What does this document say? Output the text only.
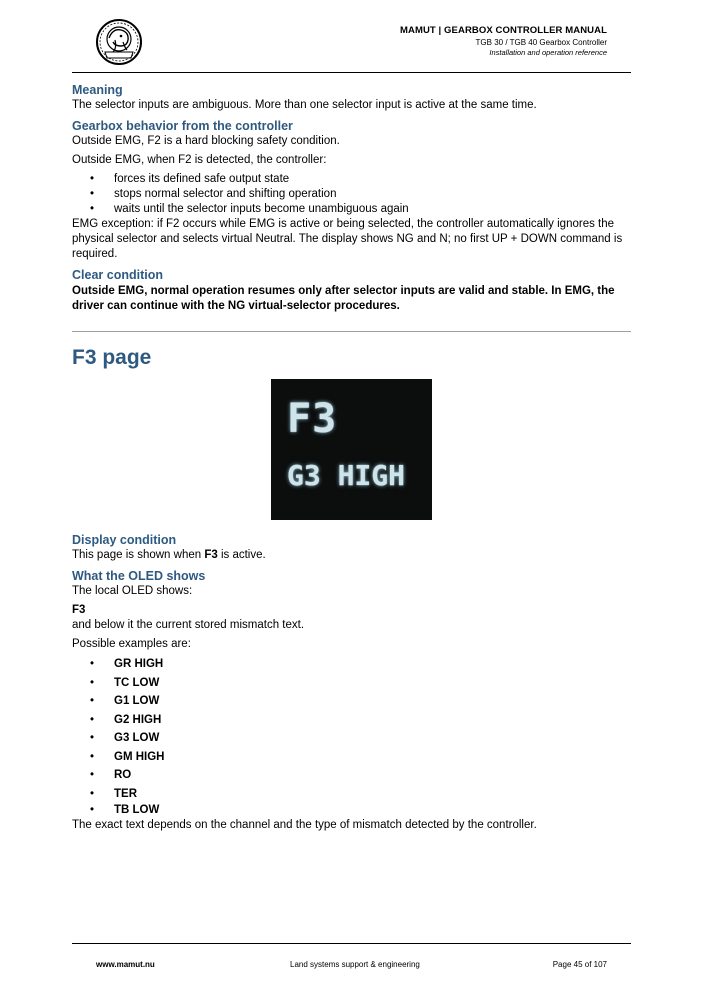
MAMUT | GEARBOX CONTROLLER MANUAL
TGB 30 / TGB 40 Gearbox Controller
Installation and operation reference
Meaning

The selector inputs are ambiguous. More than one selector input is active at the same time.

Gearbox behavior from the controller

Outside EMG, F2 is a hard blocking safety condition.

Outside EMG, when F2 is detected, the controller:

• forces its defined safe output state
• stops normal selector and shifting operation
• waits until the selector inputs become unambiguous again

EMG exception: if F2 occurs while EMG is active or being selected, the controller automatically ignores the physical selector and selects virtual Neutral. The display shows NG and N; no first UP + DOWN command is required.

Clear condition

Outside EMG, normal operation resumes only after selector inputs are valid and stable. In EMG, the driver can continue with the NG virtual-selector procedures.

F3 page
F3
G3 HIGH
Display condition

This page is shown when F3 is active.

What the OLED shows

The local OLED shows:

F3

and below it the current stored mismatch text.

Possible examples are:

• GR HIGH
• TC LOW
• G1 LOW
• G2 HIGH
• G3 LOW
• GM HIGH
• RO
• TER
• TB LOW

The exact text depends on the channel and the type of mismatch detected by the controller.

www.mamut.nu	Land systems support & engineering	Page 45 of 107
